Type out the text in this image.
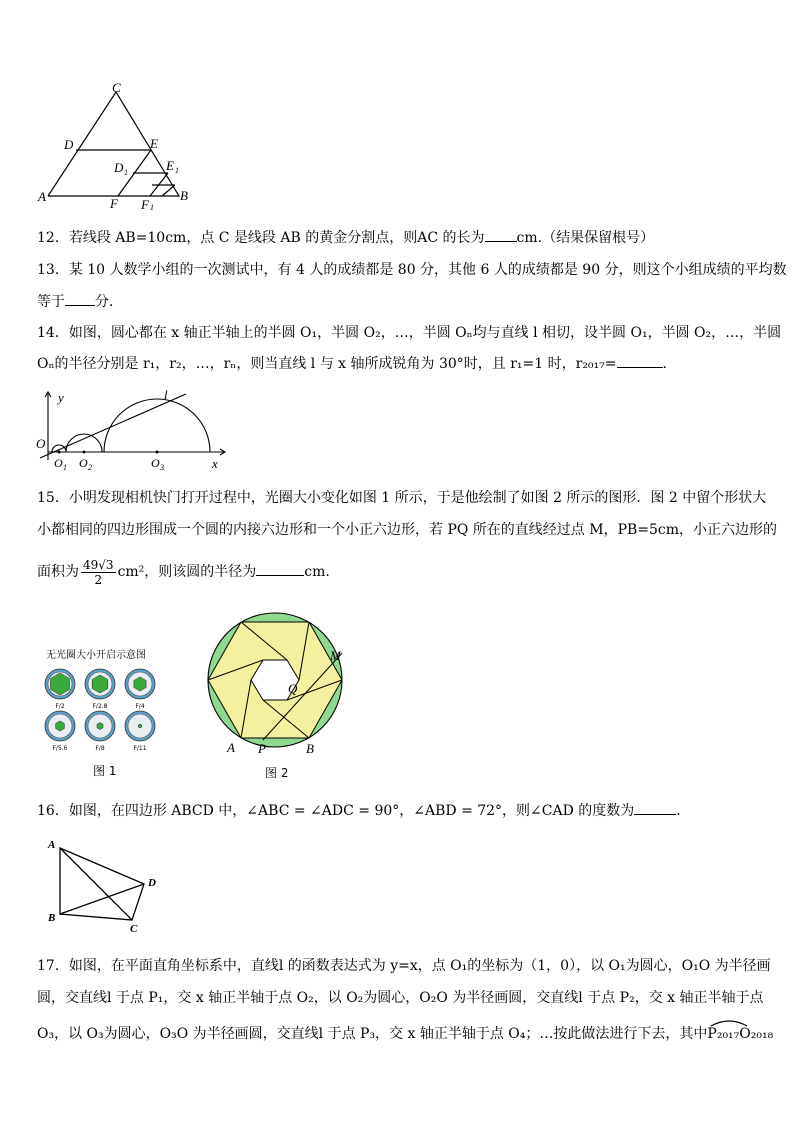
C
D	E
D 1	E 1
A	B
F F 1
12．若线段 AB=10cm，点 C 是线段 AB 的黄金分割点，则AC 的长为 cm.（结果保留根号）
13．某 10 人数学小组的一次测试中，有 4 人的成绩都是 80 分，其他 6 人的成绩都是 90 分，则这个小组成绩的平均数
等于 分．
14．如图，圆心都在 x 轴正半轴上的半圆 O₁，半圆 O₂，…，半圆 Oₙ均与直线 l 相切，设半圆 O₁，半圆 O₂，…，半圆
Oₙ的半径分别是 r₁，r₂，…，rₙ，则当直线 l 与 x 轴所成锐角为 30°时，且 r₁=1 时，r₂₀₁₇=	.
y	l
O
O 1 O 2	O 3	x
15．小明发现相机快门打开过程中，光圈大小变化如图 1 所示，于是他绘制了如图 2 所示的图形．图 2 中留个形状大
小都相同的四边形围成一个圆的内接六边形和一个小正六边形，若 PQ 所在的直线经过点 M，PB=5cm，小正六边形的
面积为 $\frac{49√3}{2} cm^2$，则该圆的半径为	cm.
无光圈大小开启示意图
F/2	F/2.8	F/4
F/5.6	F/8	F/11
图 1
M
Q
A P	B
图 2
16．如图，在四边形 ABCD 中，∠ABC = ∠ADC = 90°，∠ABD = 72°，则∠CAD 的度数为	.
A
B
C
D
17．如图，在平面直角坐标系中，直线l 的函数表达式为 y=x，点 O₁的坐标为（1，0），以 O₁为圆心，O₁O 为半径画
圆，交直线l 于点 P₁，交 x 轴正半轴于点 O₂，以 O₂为圆心，O₂O 为半径画圆，交直线l 于点 P₂，交 x 轴正半轴于点
O₃，以 O₃为圆心，O₃O 为半径画圆，交直线l 于点 P₃，交 x 轴正半轴于点 O₄；…按此做法进行下去，其中P₂₀₁₇O₂₀₁₈
